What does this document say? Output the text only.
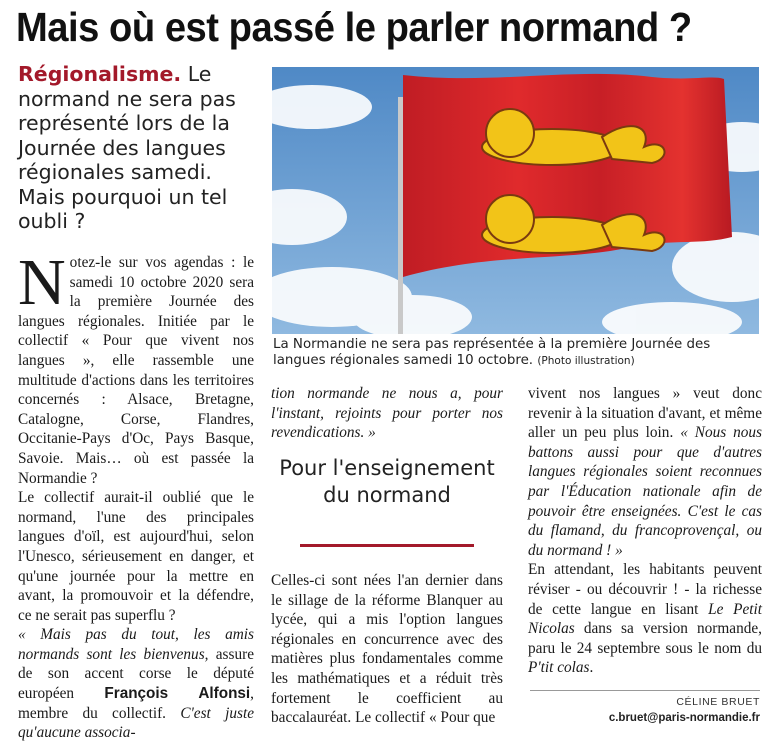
Mais où est passé le parler normand ?
Régionalisme. Le normand ne sera pas représenté lors de la Journée des langues régionales samedi. Mais pourquoi un tel oubli ?
La Normandie ne sera pas représentée à la première Journée des langues régionales samedi 10 octobre. (Photo illustration)

Notez-le sur vos agendas : le samedi 10 octobre 2020 sera la première Journée des langues régionales. Initiée par le collectif « Pour que vivent nos langues », elle rassemble une multitude d'actions dans les territoires concernés : Alsace, Bretagne, Catalogne, Corse, Flandres, Occitanie-Pays d'Oc, Pays Basque, Savoie. Mais… où est passée la Normandie ?

Le collectif aurait-il oublié que le normand, l'une des principales langues d'oïl, est aujourd'hui, selon l'Unesco, sérieusement en danger, et qu'une journée pour la mettre en avant, la promouvoir et la défendre, ce ne serait pas superflu ?

« Mais pas du tout, les amis normands sont les bienvenus, assure de son accent corse le député européen François Alfonsi, membre du collectif. C'est juste qu'aucune associa-

tion normande ne nous a, pour l'instant, rejoints pour porter nos revendications. »

Pour l'enseignement du normand

Celles-ci sont nées l'an dernier dans le sillage de la réforme Blanquer au lycée, qui a mis l'option langues régionales en concurrence avec des matières plus fondamentales comme les mathématiques et a réduit très fortement le coefficient au baccalauréat. Le collectif « Pour que

vivent nos langues » veut donc revenir à la situation d'avant, et même aller un peu plus loin. « Nous nous battons aussi pour que d'autres langues régionales soient reconnues par l'Éducation nationale afin de pouvoir être enseignées. C'est le cas du flamand, du francoprovençal, ou du normand ! »

En attendant, les habitants peuvent réviser - ou découvrir ! - la richesse de cette langue en lisant Le Petit Nicolas dans sa version normande, paru le 24 septembre sous le nom du P'tit colas.

CÉLINE BRUET
c.bruet@paris-normandie.fr
